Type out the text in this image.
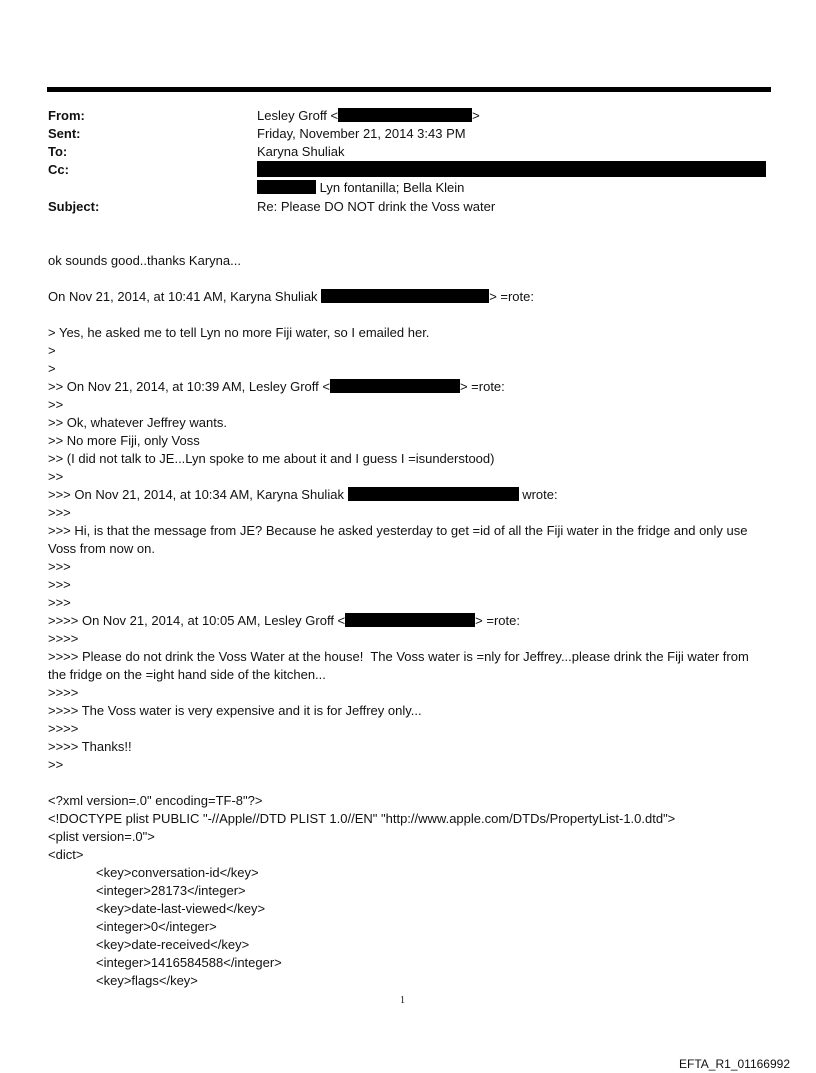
From:	Lesley Groff <	>
Sent:	Friday, November 21, 2014 3:43 PM
To:	Karyna Shuliak
Cc:
Lyn fontanilla; Bella Klein
Subject:	Re: Please DO NOT drink the Voss water
ok sounds good..thanks Karyna...
On Nov 21, 2014, at 10:41 AM, Karyna Shuliak	> =rote:
> Yes, he asked me to tell Lyn no more Fiji water, so I emailed her.
>
>
>> On Nov 21, 2014, at 10:39 AM, Lesley Groff <	> =rote:
>>
>> Ok, whatever Jeffrey wants.
>> No more Fiji, only Voss
>> (I did not talk to JE...Lyn spoke to me about it and I guess I =isunderstood)
>>
>>> On Nov 21, 2014, at 10:34 AM, Karyna Shuliak	wrote:
>>>
>>> Hi, is that the message from JE? Because he asked yesterday to get =id of all the Fiji water in the fridge and only use Voss from now on.
>>>
>>>
>>>
>>>> On Nov 21, 2014, at 10:05 AM, Lesley Groff <	> =rote:
>>>>
>>>> Please do not drink the Voss Water at the house!  The Voss water is =nly for Jeffrey...please drink the Fiji water from the fridge on the =ight hand side of the kitchen...
>>>>
>>>> The Voss water is very expensive and it is for Jeffrey only...
>>>>
>>>> Thanks!!
>>
<?xml version=.0" encoding=TF-8"?>
<!DOCTYPE plist PUBLIC "-//Apple//DTD PLIST 1.0//EN" "http://www.apple.com/DTDs/PropertyList-1.0.dtd">
<plist version=.0">
<dict>
<key>conversation-id</key>
<integer>28173</integer>
<key>date-last-viewed</key>
<integer>0</integer>
<key>date-received</key>
<integer>1416584588</integer>
<key>flags</key>
1
EFTA_R1_01166992
